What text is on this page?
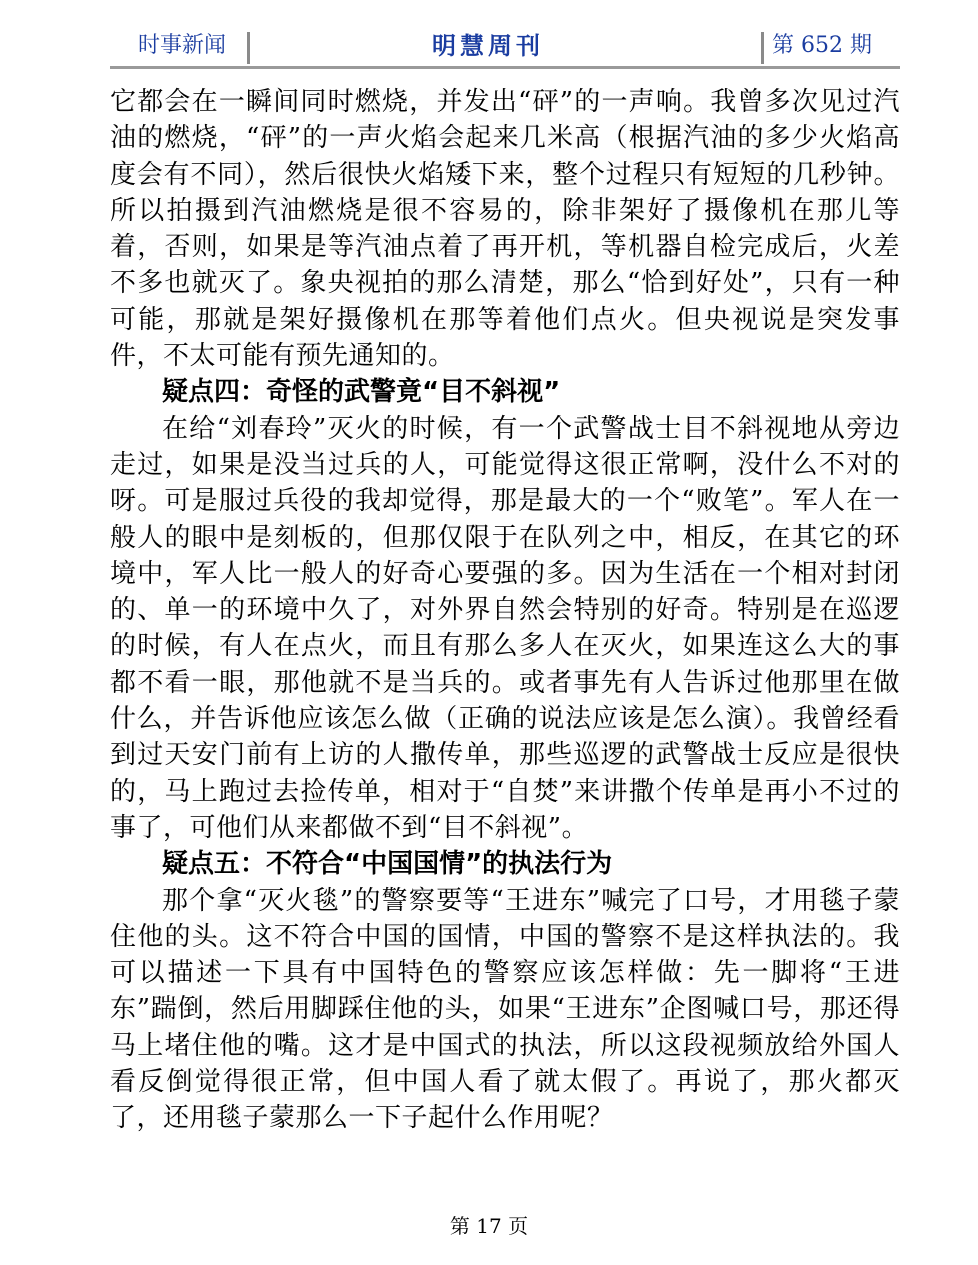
时事新闻	明慧周刊	第 652 期

它都会在一瞬间同时燃烧，并发出“砰”的一声响。我曾多次见过汽油的燃烧，“砰”的一声火焰会起来几米高（根据汽油的多少火焰高度会有不同），然后很快火焰矮下来，整个过程只有短短的几秒钟。所以拍摄到汽油燃烧是很不容易的，除非架好了摄像机在那儿等着，否则，如果是等汽油点着了再开机，等机器自检完成后，火差不多也就灭了。象央视拍的那么清楚，那么“恰到好处”，只有一种可能，那就是架好摄像机在那等着他们点火。但央视说是突发事件，不太可能有预先通知的。

疑点四：奇怪的武警竟“目不斜视”

在给“刘春玲”灭火的时候，有一个武警战士目不斜视地从旁边走过，如果是没当过兵的人，可能觉得这很正常啊，没什么不对的呀。可是服过兵役的我却觉得，那是最大的一个“败笔”。军人在一般人的眼中是刻板的，但那仅限于在队列之中，相反，在其它的环境中，军人比一般人的好奇心要强的多。因为生活在一个相对封闭的、单一的环境中久了，对外界自然会特别的好奇。特别是在巡逻的时候，有人在点火，而且有那么多人在灭火，如果连这么大的事都不看一眼，那他就不是当兵的。或者事先有人告诉过他那里在做什么，并告诉他应该怎么做（正确的说法应该是怎么演）。我曾经看到过天安门前有上访的人撒传单，那些巡逻的武警战士反应是很快的，马上跑过去捡传单，相对于“自焚”来讲撒个传单是再小不过的事了，可他们从来都做不到“目不斜视”。

疑点五：不符合“中国国情”的执法行为

那个拿“灭火毯”的警察要等“王进东”喊完了口号，才用毯子蒙住他的头。这不符合中国的国情，中国的警察不是这样执法的。我可以描述一下具有中国特色的警察应该怎样做：先一脚将“王进东”踹倒，然后用脚踩住他的头，如果“王进东”企图喊口号，那还得马上堵住他的嘴。这才是中国式的执法，所以这段视频放给外国人看反倒觉得很正常，但中国人看了就太假了。再说了，那火都灭了，还用毯子蒙那么一下子起什么作用呢？

第 17 页
